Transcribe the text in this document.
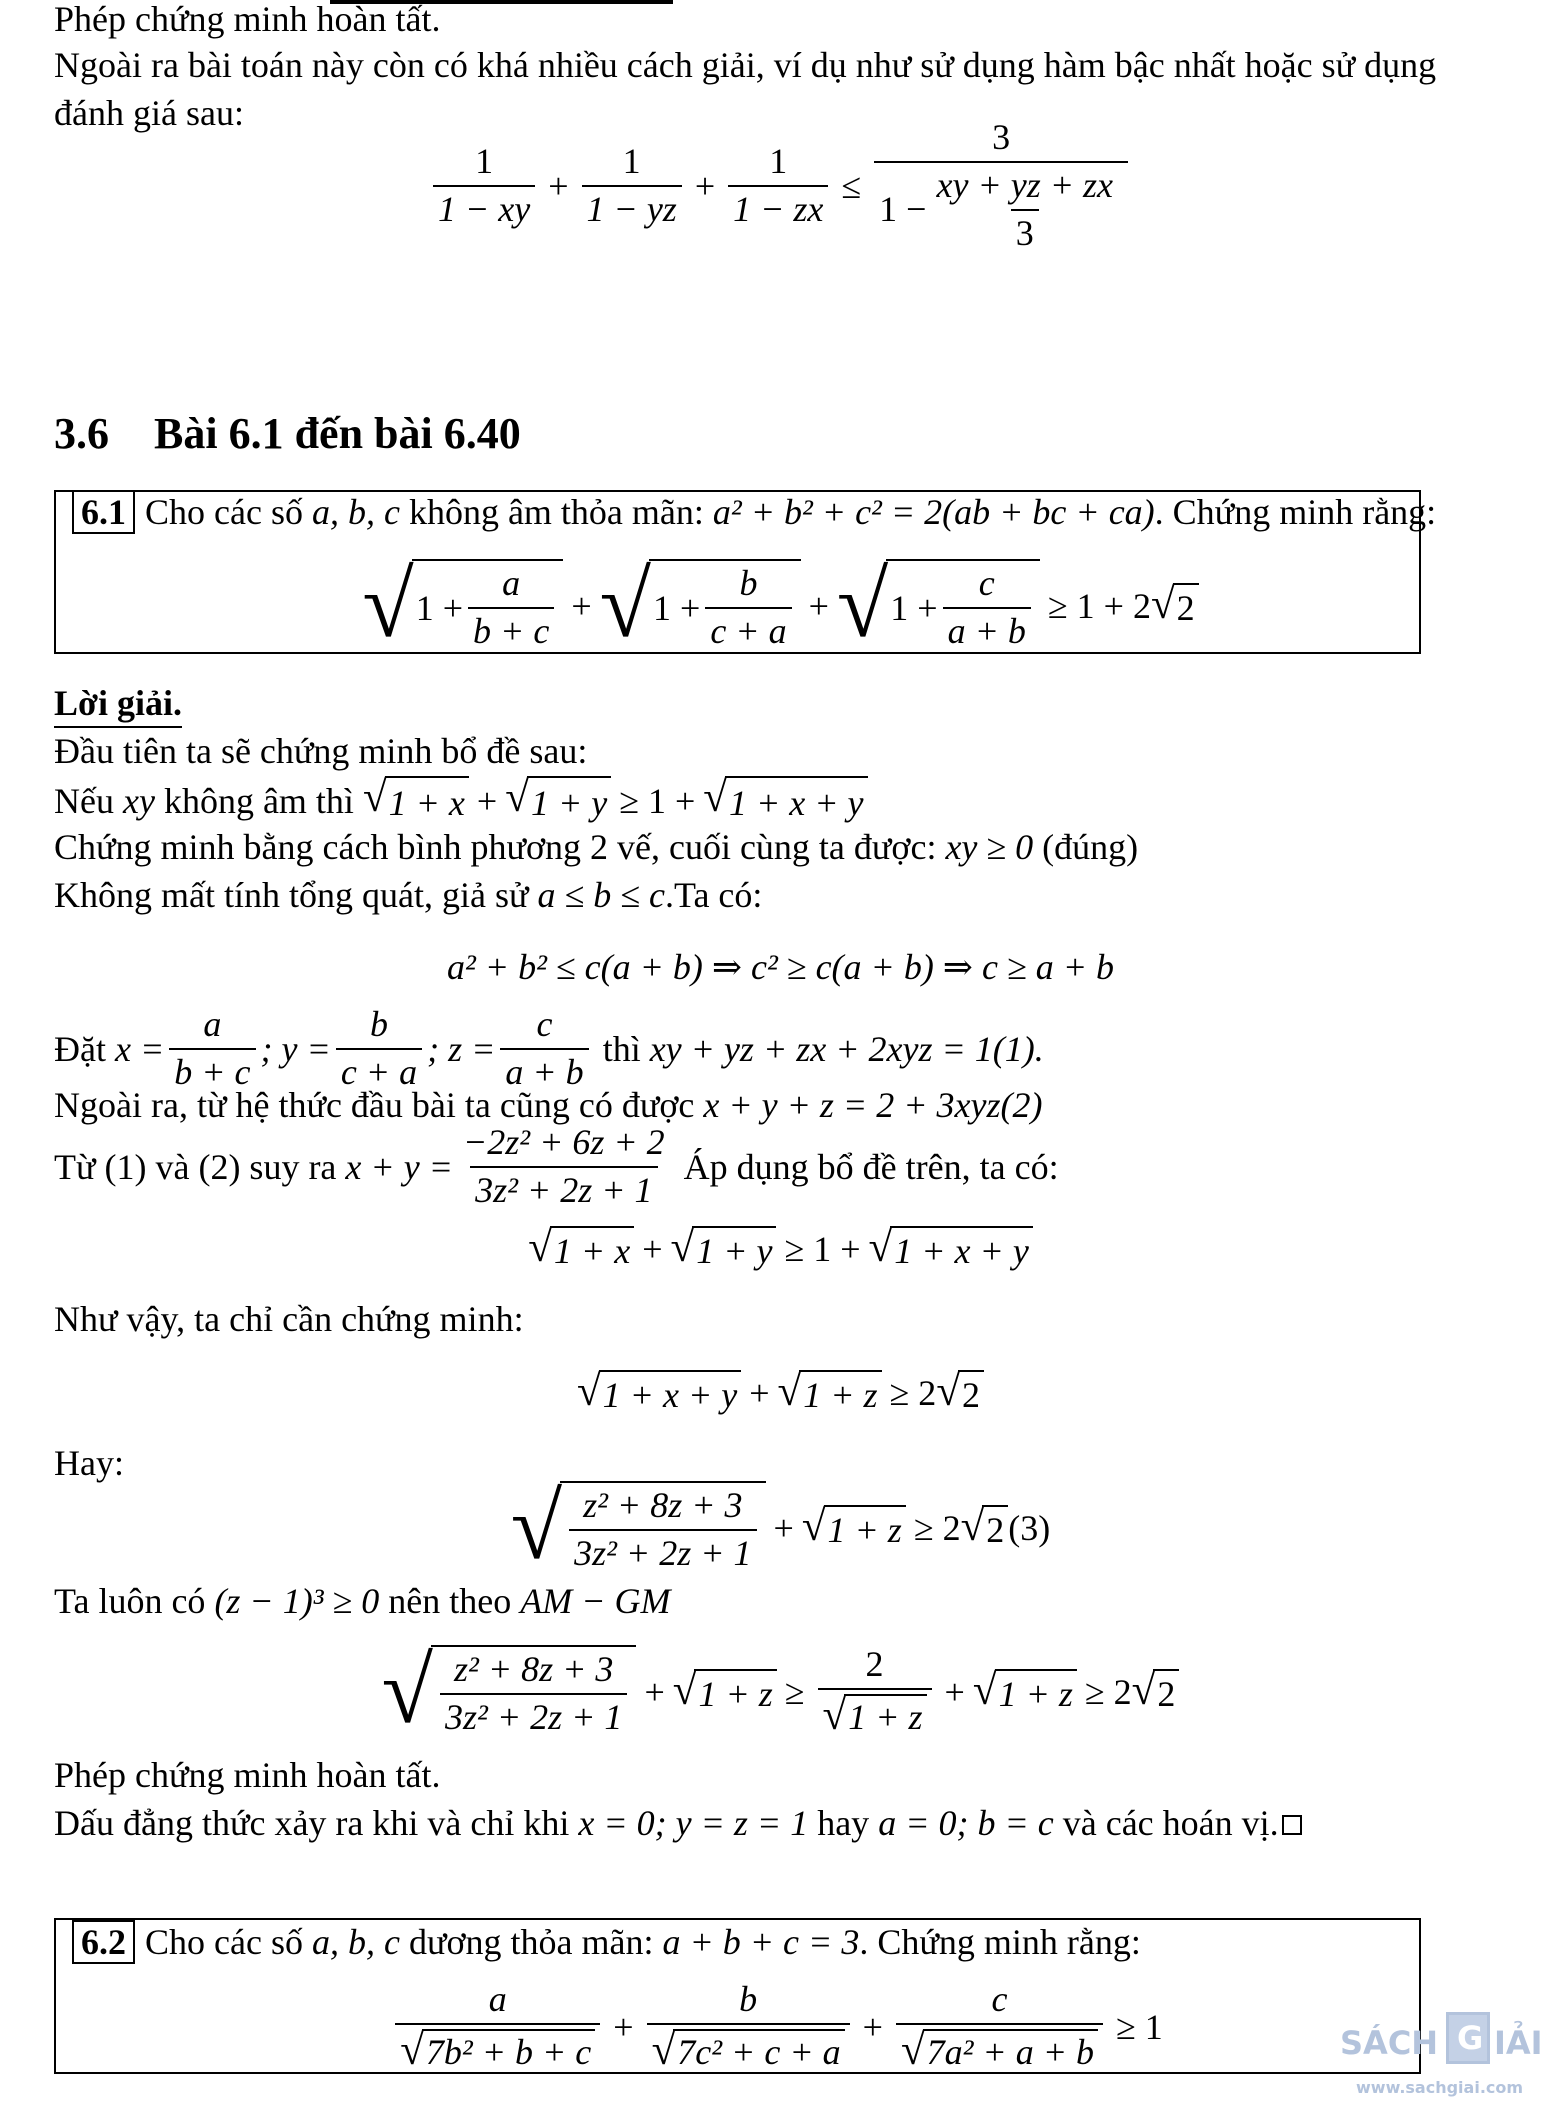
Phép chứng minh hoàn tất.
Ngoài ra bài toán này còn có khá nhiều cách giải, ví dụ như sử dụng hàm bậc nhất hoặc sử dụng
đánh giá sau:
$\frac{1}{1 - xy} + \frac{1}{1 - yz} + \frac{1}{1 - zx} \le \frac{3}{1 - \frac{xy + yz + zx}{3}}$
3.6 Bài 6.1 đến bài 6.40
6.1 Cho các số a, b, c không âm thỏa mãn: a² + b² + c² = 2(ab + bc + ca). Chứng minh rằng:
√ $1 + \frac{a}{b + c}$ + √ $1 + \frac{b}{c + a}$ + √ $1 + \frac{c}{a + b} \ge 1 + 2$ √ 2
Lời giải.
Đầu tiên ta sẽ chứng minh bổ đề sau:
Nếu xy không âm thì √ 1 + x + √ 1 + y ≥ 1 + √ 1 + x + y
Chứng minh bằng cách bình phương 2 vế, cuối cùng ta được: xy ≥ 0 (đúng)
Không mất tính tổng quát, giả sử a ≤ b ≤ c.Ta có:
a² + b² ≤ c(a + b) ⇒ c² ≥ c(a + b) ⇒ c ≥ a + b
Đặt $x = \frac{a}{b + c}$ ; $y = \frac{b}{c + a}$ ; $z = \frac{c}{a + b}$ thì xy + yz + zx + 2xyz = 1(1).
Ngoài ra, từ hệ thức đầu bài ta cũng có được x + y + z = 2 + 3xyz(2)
Từ (1) và (2) suy ra $x + y = \frac{\text{−2z² + 6z + 2}}{\text{3z² + 2z + 1}}$ Áp dụng bổ đề trên, ta có:
√ 1 + x + √ 1 + y ≥ 1 + √ 1 + x + y
Như vậy, ta chỉ cần chứng minh:
√ 1 + x + y + √ 1 + z ≥ 2 √ 2
Hay:
√ $\frac{\text{z² + 8z + 3}}{\text{3z² + 2z + 1}}$ + √ 1 + z ≥ 2 √ 2 (3)
Ta luôn có (z − 1)³ ≥ 0 nên theo AM − GM
√ $\frac{\text{z² + 8z + 3}}{\text{3z² + 2z + 1}}$ + √ $1 + z \ge \frac{2}{√ 1 + z}$ + √ 1 + z ≥ 2 √ 2
Phép chứng minh hoàn tất.
Dấu đẳng thức xảy ra khi và chỉ khi x = 0; y = z = 1 hay a = 0; b = c và các hoán vị.
6.2 Cho các số a, b, c dương thỏa mãn: a + b + c = 3. Chứng minh rằng:
$\frac{a}{\text{√ 7b² + b + c}} + \frac{b}{\text{√ 7c² + c + a}} + \frac{c}{\text{√ 7a² + a + b}} \ge 1$	SÁCH G IẢI
www.sachgiai.com
